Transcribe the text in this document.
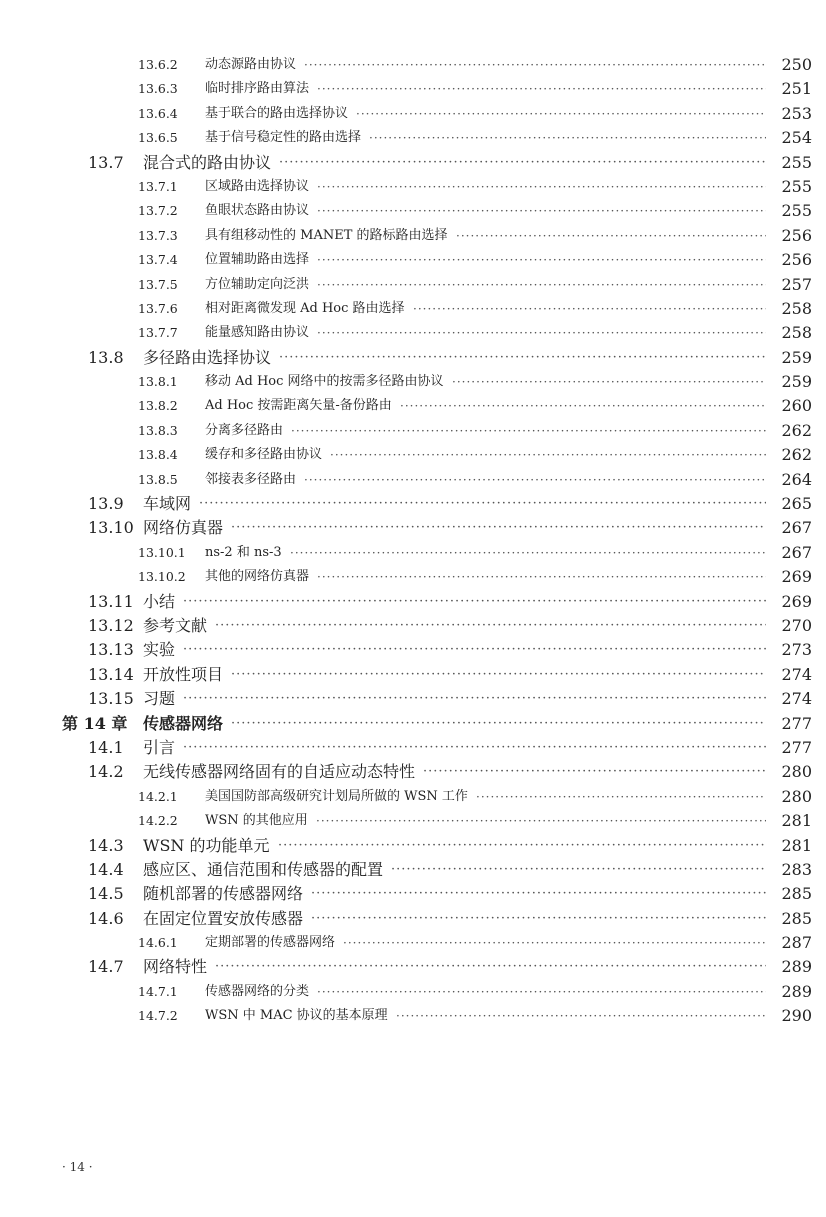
13.6.2 动态源路由协议 ·····	250
13.6.3 临时排序路由算法 ·····	251
13.6.4 基于联合的路由选择协议 ·····	253
13.6.5 基于信号稳定性的路由选择 ·····	254
13.7 混合式的路由协议 ·····	255
13.7.1 区域路由选择协议 ·····	255
13.7.2 鱼眼状态路由协议 ·····	255
13.7.3 具有组移动性的 MANET 的路标路由选择 ·····	256
13.7.4 位置辅助路由选择 ·····	256
13.7.5 方位辅助定向泛洪 ·····	257
13.7.6 相对距离微发现 Ad Hoc 路由选择 ·····	258
13.7.7 能量感知路由协议 ·····	258
13.8 多径路由选择协议 ·····	259
13.8.1 移动 Ad Hoc 网络中的按需多径路由协议 ·····	259
13.8.2 Ad Hoc 按需距离矢量-备份路由 ·····	260
13.8.3 分离多径路由 ·····	262
13.8.4 缓存和多径路由协议 ·····	262
13.8.5 邻接表多径路由 ·····	264
13.9 车域网 ·····	265
13.10 网络仿真器 ·····	267
13.10.1 ns-2 和 ns-3 ·····	267
13.10.2 其他的网络仿真器 ·····	269
13.11 小结 ·····	269
13.12 参考文献 ·····	270
13.13 实验 ·····	273
13.14 开放性项目 ·····	274
13.15 习题 ·····	274
第 14 章 传感器网络 ·····	277
14.1 引言 ·····	277
14.2 无线传感器网络固有的自适应动态特性 ·····	280
14.2.1 美国国防部高级研究计划局所做的 WSN 工作 ·····	280
14.2.2 WSN 的其他应用 ·····	281
14.3 WSN 的功能单元 ·····	281
14.4 感应区、通信范围和传感器的配置 ·····	283
14.5 随机部署的传感器网络 ·····	285
14.6 在固定位置安放传感器 ·····	285
14.6.1 定期部署的传感器网络 ·····	287
14.7 网络特性 ·····	289
14.7.1 传感器网络的分类 ·····	289
14.7.2 WSN 中 MAC 协议的基本原理 ·····	290
· 14 ·
